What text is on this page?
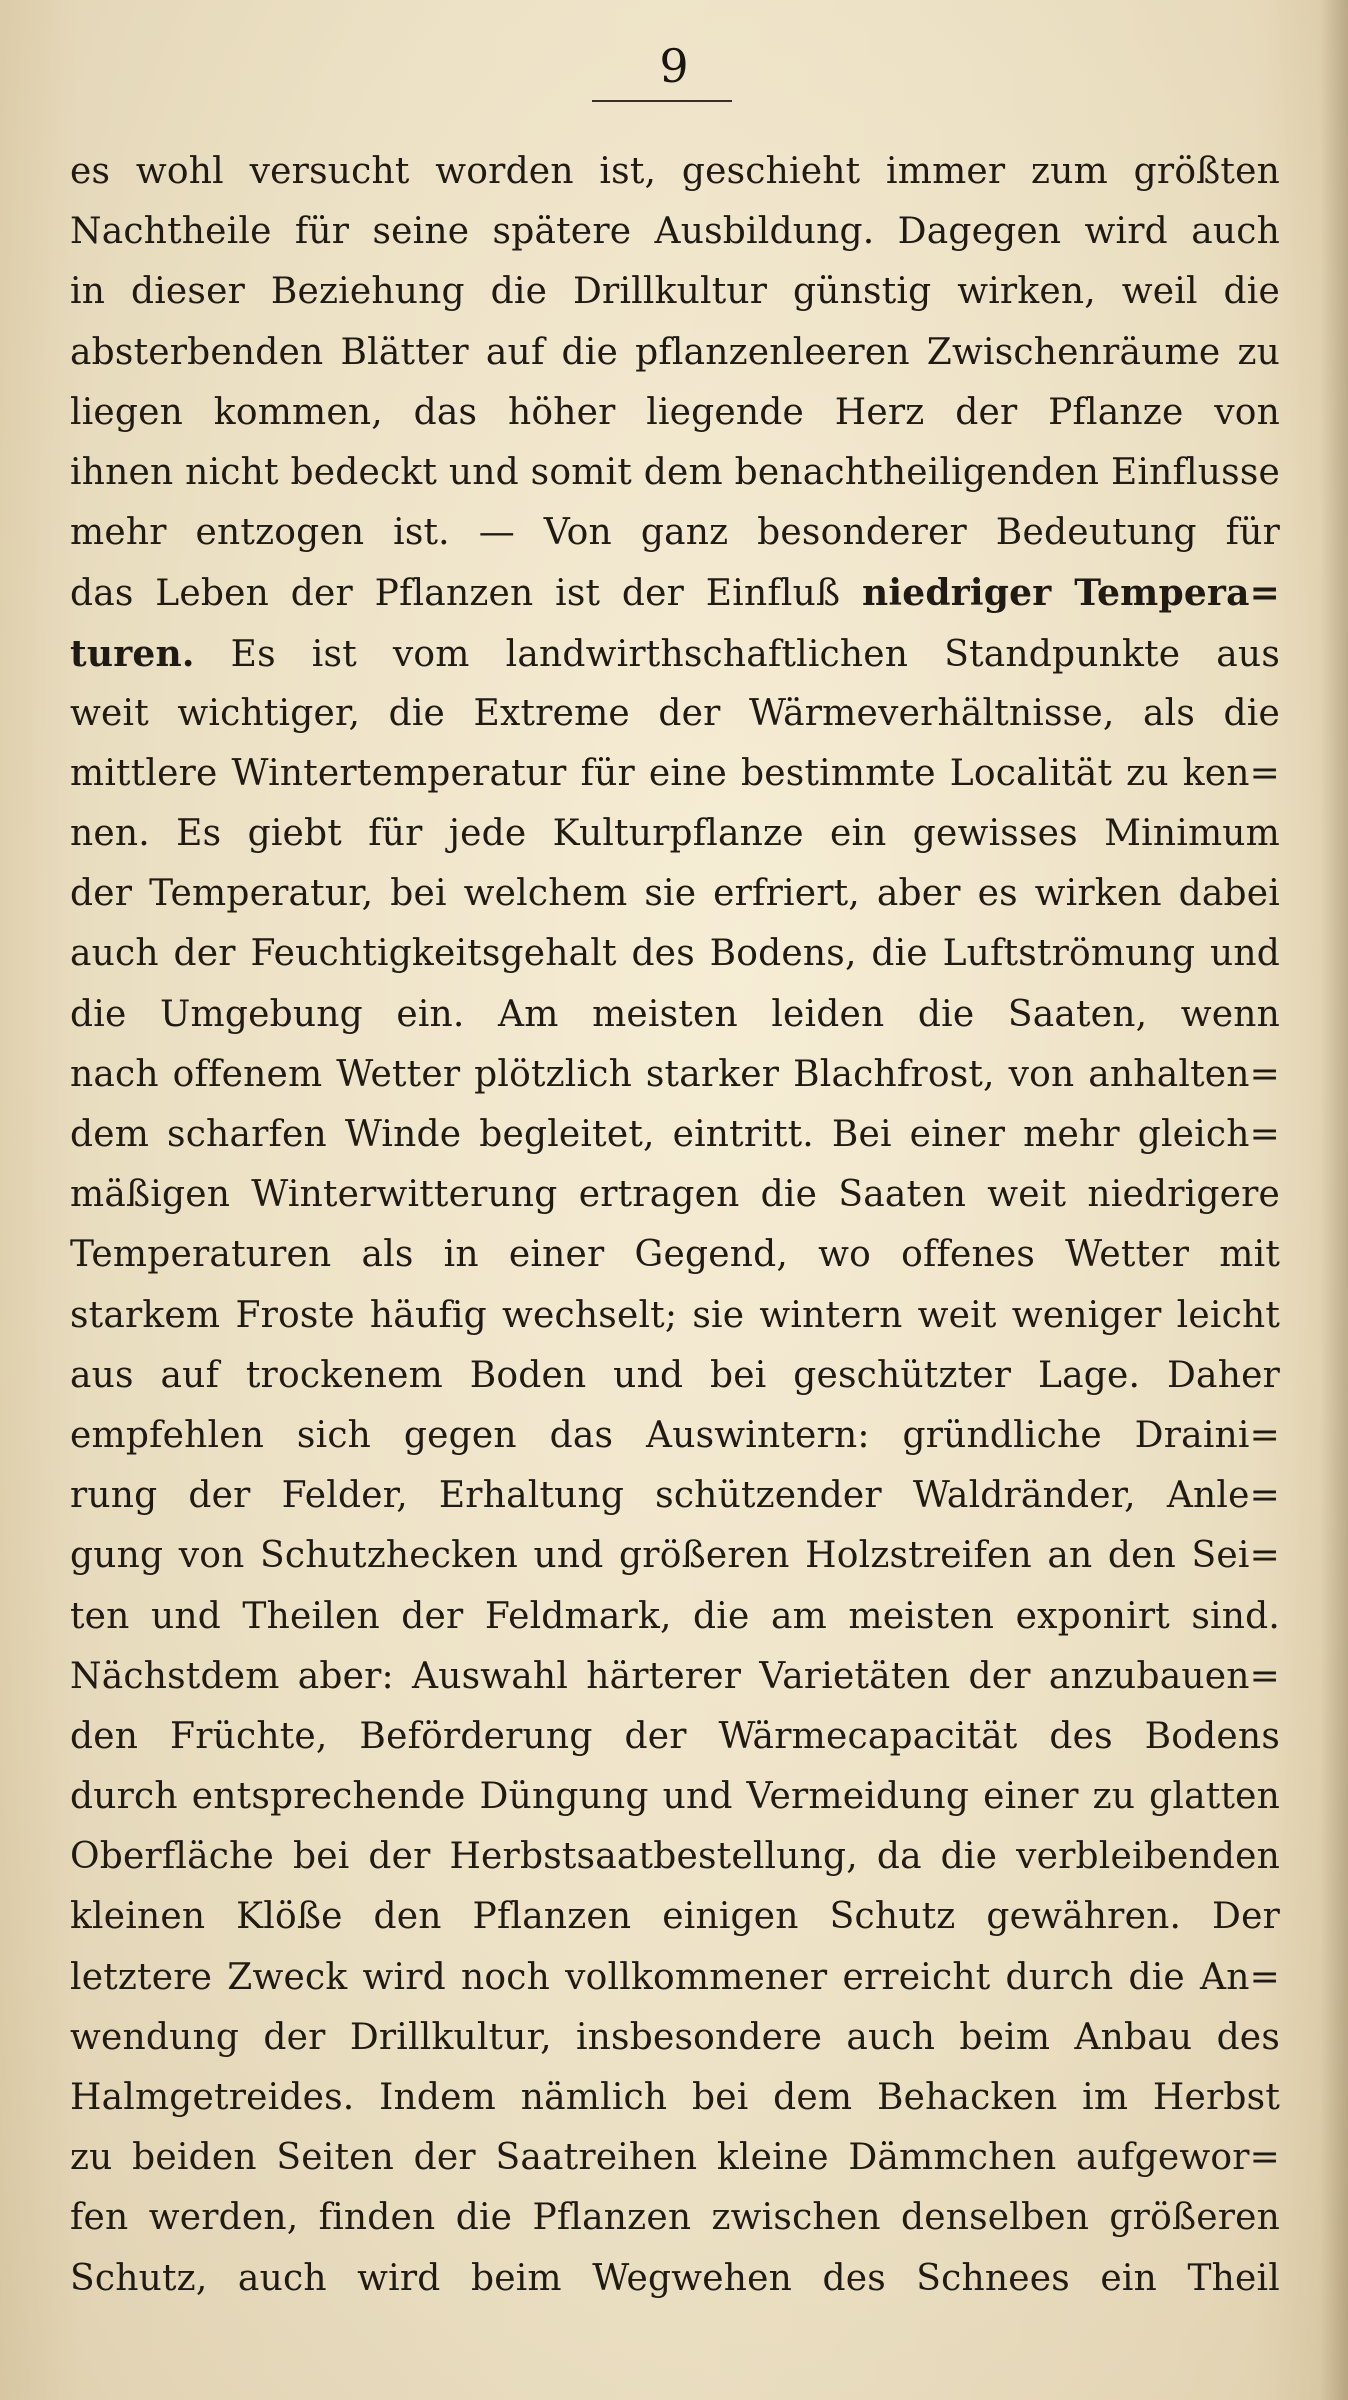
9
es wohl versucht worden ist, geschieht immer zum größten
Nachtheile für seine spätere Ausbildung. Dagegen wird auch
in dieser Beziehung die Drillkultur günstig wirken, weil die
absterbenden Blätter auf die pflanzenleeren Zwischenräume zu
liegen kommen, das höher liegende Herz der Pflanze von
ihnen nicht bedeckt und somit dem benachtheiligenden Einflusse
mehr entzogen ist. — Von ganz besonderer Bedeutung für
das Leben der Pflanzen ist der Einfluß niedriger Tempera=
turen. Es ist vom landwirthschaftlichen Standpunkte aus
weit wichtiger, die Extreme der Wärmeverhältnisse, als die
mittlere Wintertemperatur für eine bestimmte Localität zu ken=
nen. Es giebt für jede Kulturpflanze ein gewisses Minimum
der Temperatur, bei welchem sie erfriert, aber es wirken dabei
auch der Feuchtigkeitsgehalt des Bodens, die Luftströmung und
die Umgebung ein. Am meisten leiden die Saaten, wenn
nach offenem Wetter plötzlich starker Blachfrost, von anhalten=
dem scharfen Winde begleitet, eintritt. Bei einer mehr gleich=
mäßigen Winterwitterung ertragen die Saaten weit niedrigere
Temperaturen als in einer Gegend, wo offenes Wetter mit
starkem Froste häufig wechselt; sie wintern weit weniger leicht
aus auf trockenem Boden und bei geschützter Lage. Daher
empfehlen sich gegen das Auswintern: gründliche Draini=
rung der Felder, Erhaltung schützender Waldränder, Anle=
gung von Schutzhecken und größeren Holzstreifen an den Sei=
ten und Theilen der Feldmark, die am meisten exponirt sind.
Nächstdem aber: Auswahl härterer Varietäten der anzubauen=
den Früchte, Beförderung der Wärmecapacität des Bodens
durch entsprechende Düngung und Vermeidung einer zu glatten
Oberfläche bei der Herbstsaatbestellung, da die verbleibenden
kleinen Klöße den Pflanzen einigen Schutz gewähren. Der
letztere Zweck wird noch vollkommener erreicht durch die An=
wendung der Drillkultur, insbesondere auch beim Anbau des
Halmgetreides. Indem nämlich bei dem Behacken im Herbst
zu beiden Seiten der Saatreihen kleine Dämmchen aufgewor=
fen werden, finden die Pflanzen zwischen denselben größeren
Schutz, auch wird beim Wegwehen des Schnees ein Theil
